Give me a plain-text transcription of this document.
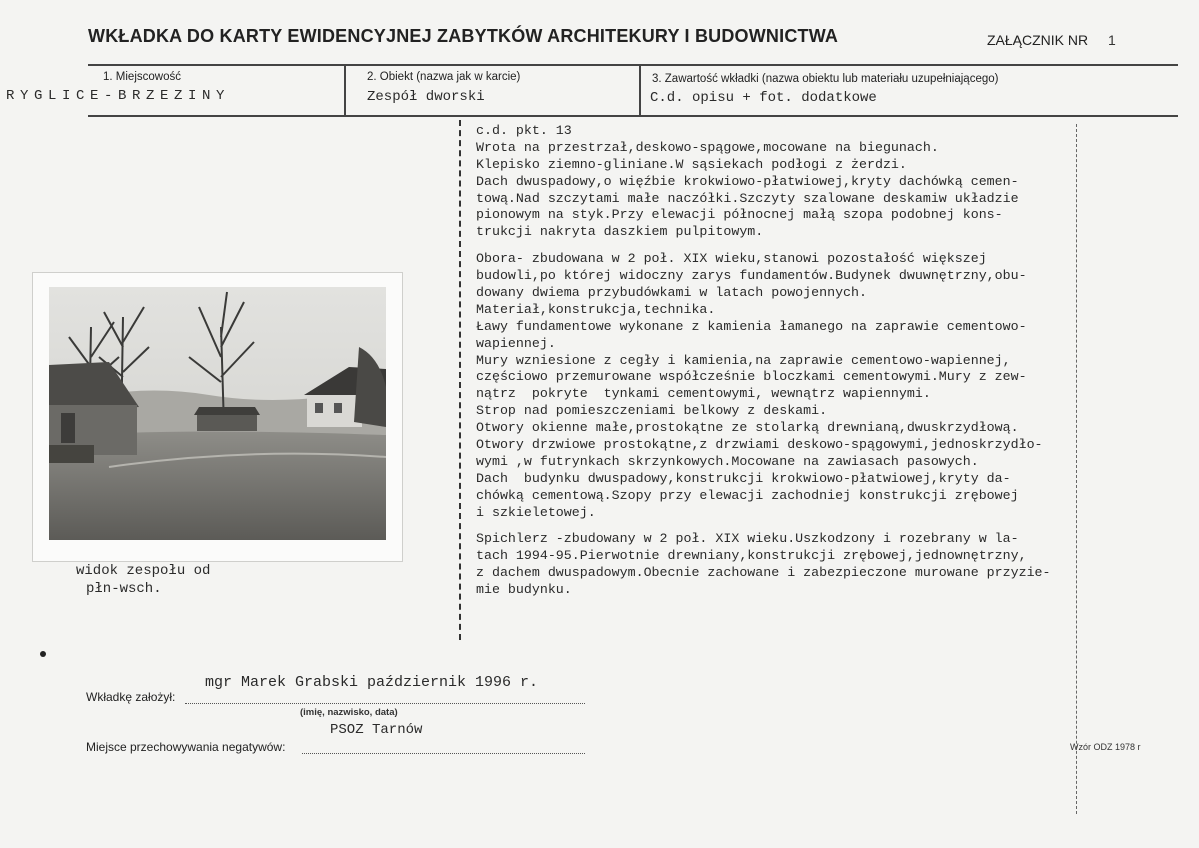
WKŁADKA DO KARTY EWIDENCYJNEJ ZABYTKÓW ARCHITEKURY I BUDOWNICTWA	ZAŁĄCZNIK NR 1
1. Miejscowość
RYGLICE-BRZEZINY
2. Obiekt (nazwa jak w karcie)
Zespół dworski
3. Zawartość wkładki (nazwa obiektu lub materiału uzupełniającego)
C.d. opisu + fot. dodatkowe
c.d. pkt. 13
Wrota na przestrzał,deskowo-spągowe,mocowane na biegunach.
Klepisko ziemno-gliniane.W sąsiekach podłogi z żerdzi.
Dach dwuspadowy,o więźbie krokwiowo-płatwiowej,kryty dachówką cemen-
tową.Nad szczytami małe naczółki.Szczyty szalowane deskamiw układzie
pionowym na styk.Przy elewacji północnej małą szopa podobnej kons-
trukcji nakryta daszkiem pulpitowym.
Obora- zbudowana w 2 poł. XIX wieku,stanowi pozostałość większej
budowli,po której widoczny zarys fundamentów.Budynek dwuwnętrzny,obu-
dowany dwiema przybudówkami w latach powojennych.
Materiał,konstrukcja,technika.
Ławy fundamentowe wykonane z kamienia łamanego na zaprawie cementowo-
wapiennej.
Mury wzniesione z cegły i kamienia,na zaprawie cementowo-wapiennej,
częściowo przemurowane współcześnie bloczkami cementowymi.Mury z zew-
nątrz  pokryte  tynkami cementowymi, wewnątrz wapiennymi.
Strop nad pomieszczeniami belkowy z deskami.
Otwory okienne małe,prostokątne ze stolarką drewnianą,dwuskrzydłową.
Otwory drzwiowe prostokątne,z drzwiami deskowo-spągowymi,jednoskrzydło-
wymi ,w futrynkach skrzynkowych.Mocowane na zawiasach pasowych.
Dach  budynku dwuspadowy,konstrukcji krokwiowo-płatwiowej,kryty da-
chówką cementową.Szopy przy elewacji zachodniej konstrukcji zrębowej
i szkieletowej.
Spichlerz -zbudowany w 2 poł. XIX wieku.Uszkodzony i rozebrany w la-
tach 1994-95.Pierwotnie drewniany,konstrukcji zrębowej,jednownętrzny,
z dachem dwuspadowym.Obecnie zachowane i zabezpieczone murowane przyzie-
mie budynku.
widok zespołu od
płn-wsch.
Wkładkę założył:
mgr Marek Grabski październik 1996 r.
(imię, nazwisko, data)
Miejsce przechowywania negatywów:
PSOZ Tarnów
Wzór ODZ 1978 r
